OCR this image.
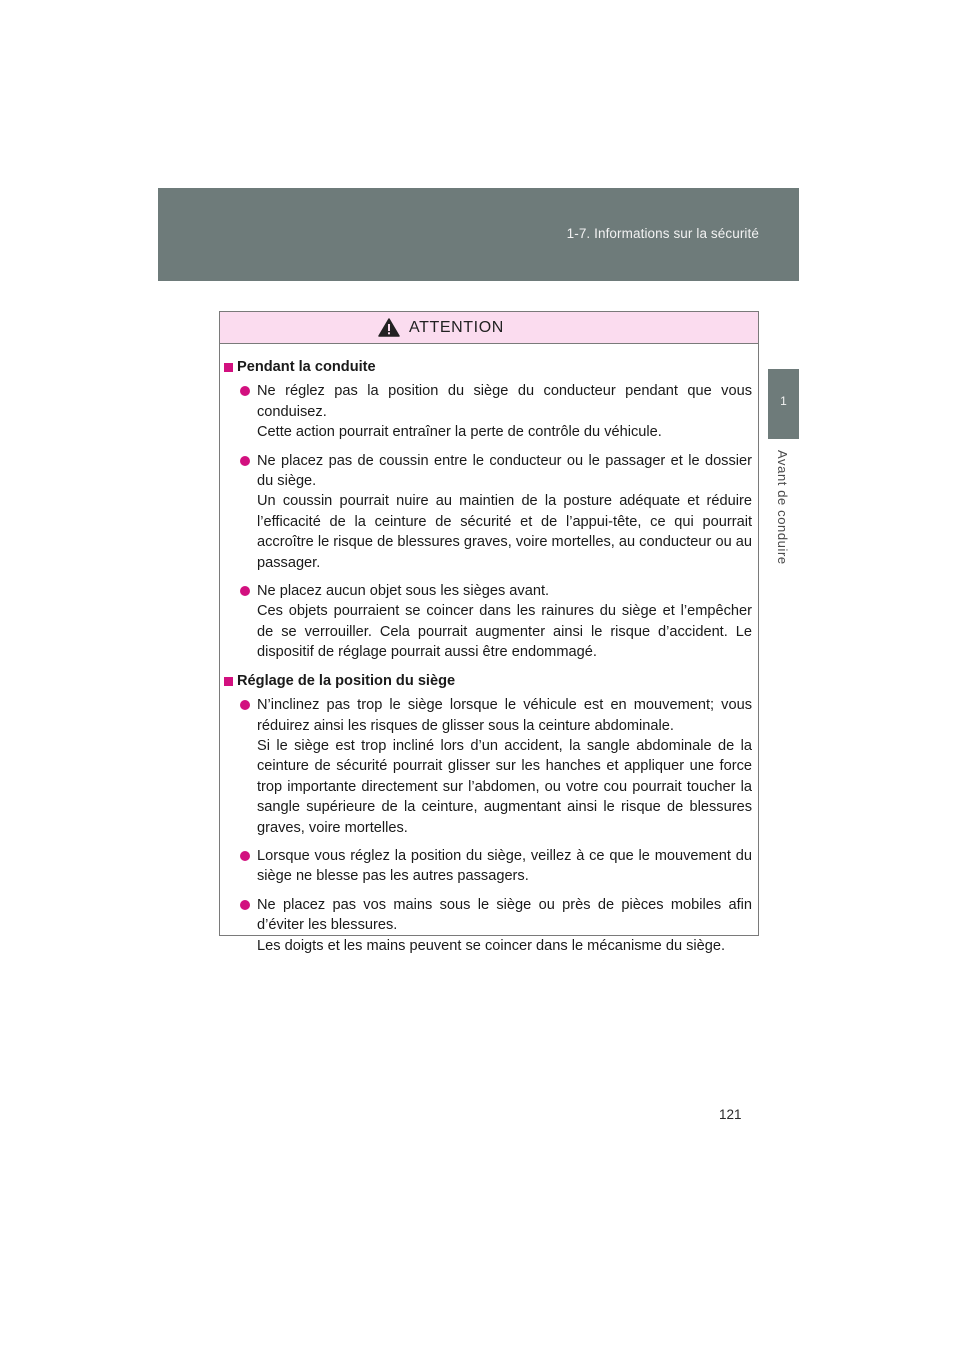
1-7. Informations sur la sécurité
1
Avant de conduire
ATTENTION
Pendant la conduite

Ne réglez pas la position du siège du conducteur pendant que vous conduisez.

Cette action pourrait entraîner la perte de contrôle du véhicule.

Ne placez pas de coussin entre le conducteur ou le passager et le dossier du siège.

Un coussin pourrait nuire au maintien de la posture adéquate et réduire l’efficacité de la ceinture de sécurité et de l’appui-tête, ce qui pourrait accroître le risque de blessures graves, voire mortelles, au conducteur ou au passager.

Ne placez aucun objet sous les sièges avant.

Ces objets pourraient se coincer dans les rainures du siège et l’empêcher de se verrouiller. Cela pourrait augmenter ainsi le risque d’accident. Le dispositif de réglage pourrait aussi être endommagé.

Réglage de la position du siège

N’inclinez pas trop le siège lorsque le véhicule est en mouvement; vous réduirez ainsi les risques de glisser sous la ceinture abdominale.

Si le siège est trop incliné lors d’un accident, la sangle abdominale de la ceinture de sécurité pourrait glisser sur les hanches et appliquer une force trop importante directement sur l’abdomen, ou votre cou pourrait toucher la sangle supérieure de la ceinture, augmentant ainsi le risque de blessures graves, voire mortelles.

Lorsque vous réglez la position du siège, veillez à ce que le mouvement du siège ne blesse pas les autres passagers.

Ne placez pas vos mains sous le siège ou près de pièces mobiles afin d’éviter les blessures.

Les doigts et les mains peuvent se coincer dans le mécanisme du siège.

121
